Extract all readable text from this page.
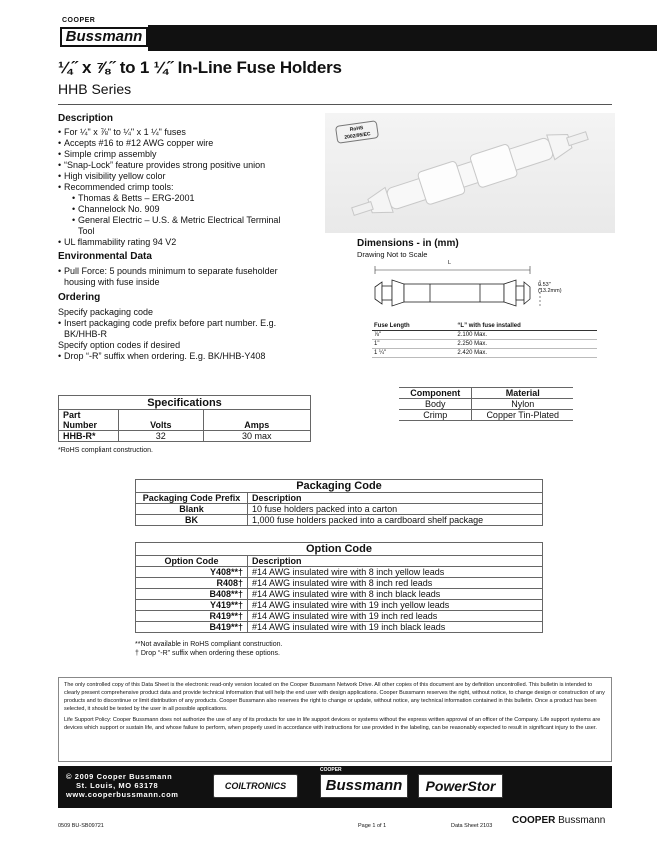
COOPER
Bussmann
¼˝ x ⅞˝ to 1 ¼˝ In-Line Fuse Holders
HHB Series
Description
• For ¼" x ⅞" to ¼" x 1 ¼" fuses
• Accepts #16 to #12 AWG copper wire
• Simple crimp assembly
• “Snap-Lock” feature provides strong positive union
• High visibility yellow color
• Recommended crimp tools:
• Thomas & Betts – ERG-2001
• Channelock No. 909
• General Electric – U.S. & Metric Electrical Terminal Tool
• UL flammability rating 94 V2
Environmental Data
• Pull Force: 5 pounds minimum to separate fuseholder housing with fuse inside
Ordering
Specify packaging code
• Insert packaging code prefix before part number. E.g. BK/HHB-R
Specify option codes if desired
• Drop “-R” suffix when ordering. E.g. BK/HHB-Y408
Specifications		
Part Number	Volts	Amps
HHB-R*	32	30 max
*RoHS compliant construction.
RoHS 2002/95/EC
Dimensions - in (mm)
Drawing Not to Scale
L
0.53" (13.2mm)
Fuse Length	“L” with fuse installed
⅞"	2.100 Max.
1"	2.250 Max.
1 ¼"	2.420 Max.
Component	Material
Body	Nylon
Crimp	Copper Tin-Plated
Packaging Code	
Packaging Code Prefix	Description
Blank	10 fuse holders packed into a carton
BK	1,000 fuse holders packed into a cardboard shelf package
Option Code	
Option Code	Description
Y408**†	#14 AWG insulated wire with 8 inch yellow leads
R408†	#14 AWG insulated wire with 8 inch red leads
B408**†	#14 AWG insulated wire with 8 inch black leads
Y419**†	#14 AWG insulated wire with 19 inch yellow leads
R419**†	#14 AWG insulated wire with 19 inch red leads
B419**†	#14 AWG insulated wire with 19 inch black leads
**Not available in RoHS compliant construction.
† Drop “-R” suffix when ordering these options.
The only controlled copy of this Data Sheet is the electronic read-only version located on the Cooper Bussmann Network Drive. All other copies of this document are by definition uncontrolled. This bulletin is intended to clearly present comprehensive product data and provide technical information that will help the end user with design applications. Cooper Bussmann reserves the right, without notice, to change design or construction of any products and to discontinue or limit distribution of any products. Cooper Bussmann also reserves the right to change or update, without notice, any technical information contained in this bulletin. Once a product has been selected, it should be tested by the user in all possible applications.
Life Support Policy: Cooper Bussmann does not authorize the use of any of its products for use in life support devices or systems without the express written approval of an officer of the Company. Life support systems are devices which support or sustain life, and whose failure to perform, when properly used in accordance with instructions for use provided in the labeling, can be reasonably expected to result in significant injury to the user.
© 2009 Cooper Bussmann
St. Louis, MO 63178
www.cooperbussmann.com
COILTRONICS
COOPER
Bussmann	PowerStor
0509 BU-SB09721	Page 1 of 1	Data Sheet 2103 COOPER Bussmann
